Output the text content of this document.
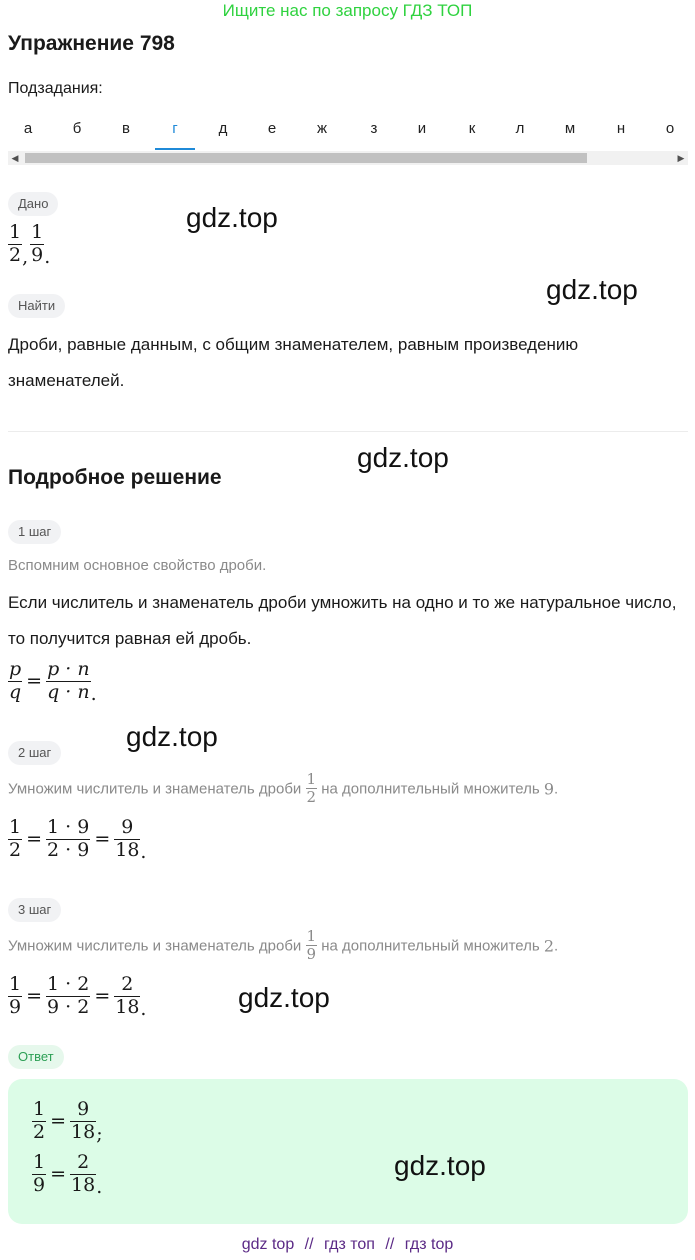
Ищите нас по запросу ГДЗ ТОП
Упражнение 798
Подзадания:
а	б	в	г	д	е	ж	з	и	к	л	м	н	о
◀	▶
Дано
$\frac{1}{2}$ , $\frac{1}{9}$ .
Найти
Дроби, равные данным, с общим знаменателем, равным произведению знаменателей.
Подробное решение
1 шаг
Вспомним основное свойство дроби.
Если числитель и знаменатель дроби умножить на одно и то же натуральное число, то получится равная ей дробь.
$\frac{p}{q} = \frac{p \cdot n}{q \cdot n}$ .
2 шаг
Умножим числитель и знаменатель дроби $\frac{1}{2}$ на дополнительный множитель 9.
$\frac{1}{2} = \frac{1 \cdot 9}{2 \cdot 9} = \frac{9}{18}$ .
3 шаг
Умножим числитель и знаменатель дроби $\frac{1}{9}$ на дополнительный множитель 2.
$\frac{1}{9} = \frac{1 \cdot 2}{9 \cdot 2} = \frac{2}{18}$ .
Ответ
$\frac{1}{2} = \frac{9}{18}$ ;
$\frac{1}{9} = \frac{2}{18}$ .
gdz.top
gdz.top
gdz.top
gdz.top
gdz.top
gdz.top
gdz top // гдз топ // гдз top
